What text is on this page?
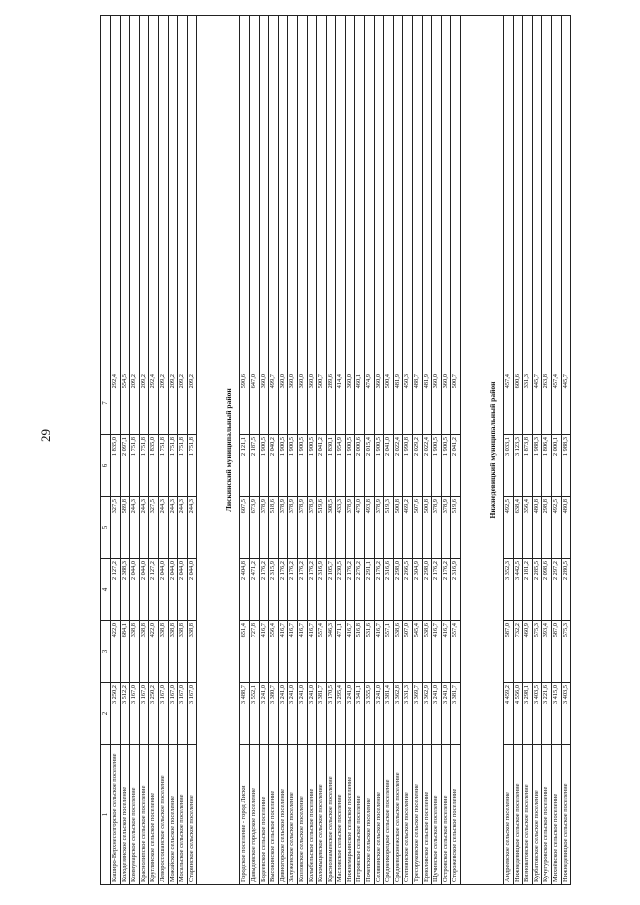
29
1
2
3
4
5
6
7
Каширо-Верхнесолгорское сельское поселение
3 250,2
422,0
2 127,2
327,5
1 835,0
292,4
Колодезянское сельское поселение
3 512,2
684,1
2 388,3
589,8
2 097,1
554,5
Коммунарское сельское поселение
3 167,0
338,8
2 044,0
244,3
1 751,8
209,2
Краснолипское сельское поселение
3 167,0
338,8
2 044,0
244,3
1 751,8
209,2
Круглянское сельское поселение
3 250,2
422,0
2 127,2
327,5
1 835,0
292,4
Левороссошанское сельское поселение
3 167,0
338,8
2 044,0
244,3
1 751,8
209,2
Можайское сельское поселение
3 167,0
338,8
2 044,0
244,3
1 751,8
209,2
Мосальское сельское поселение
3 167,0
338,8
2 044,0
244,3
1 751,8
209,2
Старинское сельское поселение
3 167,0
338,8
2 044,0
244,3
1 751,8
209,2
Лискинский муниципальный район
Городское поселение - город Лиски
3 488,7
651,4
2 404,8
607,5
2 121,1
590,6
Давыдовское городское поселение
3 552,1
727,8
2 471,2
673,9
2 187,5
647,0
Бодеевское сельское поселение
3 241,0
416,7
2 176,2
378,9
1 900,5
360,0
Высокинское сельское поселение
3 380,7
556,4
2 315,9
518,6
2 040,2
499,7
Дивногорское сельское поселение
3 241,0
416,7
2 176,2
378,9
1 900,5
360,0
Залуженское сельское поселение
3 241,0
416,7
2 176,2
378,9
1 900,5
360,0
Козловское сельское поселение
3 241,0
416,7
2 176,2
378,9
1 900,5
360,0
Колыбельское сельское поселение
3 241,0
416,7
2 176,2
378,9
1 900,5
360,0
Коломыцевское сельское поселение
3 381,7
557,4
2 316,9
519,6
2 041,2
500,7
Краснознаменское сельское поселение
3 170,5
346,3
2 105,7
308,5
1 830,1
289,6
Масловское сельское поселение
3 295,4
471,1
2 230,5
433,3
1 954,9
414,4
Нижнемарьинское сельское поселение
3 241,0
416,7
2 176,2
378,9
1 900,5
360,0
Петровское сельское поселение
3 341,1
516,8
2 276,2
479,0
2 000,6
460,1
Почепское сельское поселение
3 355,9
531,6
2 291,1
493,8
2 015,4
474,9
Селявинское сельское поселение
3 241,0
416,7
2 176,2
378,9
1 900,5
360,0
Среднеикорецкое сельское поселение
3 381,4
557,1
2 316,6
519,3
2 041,0
500,4
Средневоронежское сельское поселение
3 362,8
538,6
2 298,0
500,8
2 022,4
481,9
Степнянское сельское поселение
3 331,3
507,0
2 266,5
469,2
1 990,8
450,3
Тресоруковское сельское поселение
3 369,7
545,4
2 304,9
507,6
2 029,2
488,7
Ермоловское сельское поселение
3 362,9
538,6
2 298,0
500,8
2 022,4
481,9
Щучинское сельское поселение
3 241,0
416,7
2 176,2
378,9
1 900,5
360,0
Островское сельское поселение
3 241,0
416,7
2 176,2
378,9
1 900,5
360,0
Сторожевское сельское поселение
3 381,7
557,4
2 316,9
519,6
2 041,2
500,7
Нижнедевицкий муниципальный район
Андреевское сельское поселение
4 459,2
587,0
3 352,3
492,5
3 033,1
457,4
Нижнедевицкое сельское поселение
4 556,0
732,2
3 442,5
638,4
3 123,3
600,6
Вязноватовское сельское поселение
3 298,1
460,9
2 181,2
356,4
1 873,8
331,3
Курбатовское сельское поселение
3 403,5
575,3
2 285,5
480,8
1 988,3
445,7
Кучугуровское сельское поселение
3 221,6
393,4
2 098,6
298,8
1 806,4
263,8
Михнёвское сельское поселение
3 415,0
587,0
2 297,2
492,5
2 000,1
457,4
Нижнедевицкое сельское поселение
3 403,5
575,3
2 280,5
480,8
1 988,3
445,7
